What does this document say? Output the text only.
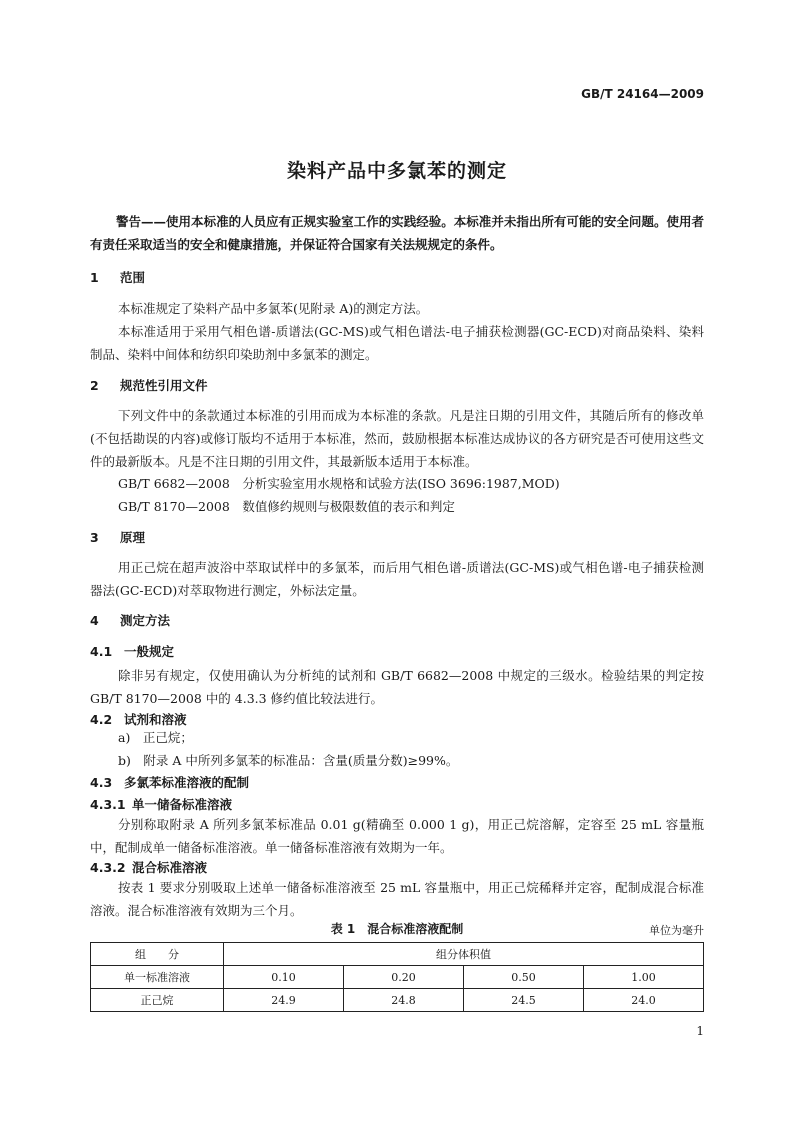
GB/T 24164—2009
染料产品中多氯苯的测定
警告——使用本标准的人员应有正规实验室工作的实践经验。本标准并未指出所有可能的安全问题。使用者有责任采取适当的安全和健康措施，并保证符合国家有关法规规定的条件。
1 范围
本标准规定了染料产品中多氯苯(见附录 A)的测定方法。
本标准适用于采用气相色谱-质谱法(GC-MS)或气相色谱法-电子捕获检测器(GC-ECD)对商品染料、染料制品、染料中间体和纺织印染助剂中多氯苯的测定。
2 规范性引用文件
下列文件中的条款通过本标准的引用而成为本标准的条款。凡是注日期的引用文件，其随后所有的修改单(不包括勘误的内容)或修订版均不适用于本标准，然而，鼓励根据本标准达成协议的各方研究是否可使用这些文件的最新版本。凡是不注日期的引用文件，其最新版本适用于本标准。
GB/T 6682—2008　分析实验室用水规格和试验方法(ISO 3696:1987,MOD)
GB/T 8170—2008　数值修约规则与极限数值的表示和判定
3 原理
用正己烷在超声波浴中萃取试样中的多氯苯，而后用气相色谱-质谱法(GC-MS)或气相色谱-电子捕获检测器法(GC-ECD)对萃取物进行测定，外标法定量。
4 测定方法
4.1 一般规定
除非另有规定，仅使用确认为分析纯的试剂和 GB/T 6682—2008 中规定的三级水。检验结果的判定按 GB/T 8170—2008 中的 4.3.3 修约值比较法进行。
4.2 试剂和溶液
a)　正己烷；
b)　附录 A 中所列多氯苯的标准品：含量(质量分数)≥99%。
4.3 多氯苯标准溶液的配制
4.3.1 单一储备标准溶液
分别称取附录 A 所列多氯苯标准品 0.01 g(精确至 0.000 1 g)，用正己烷溶解，定容至 25 mL 容量瓶中，配制成单一储备标准溶液。单一储备标准溶液有效期为一年。
4.3.2 混合标准溶液
按表 1 要求分别吸取上述单一储备标准溶液至 25 mL 容量瓶中，用正己烷稀释并定容，配制成混合标准溶液。混合标准溶液有效期为三个月。
表 1　混合标准溶液配制	单位为毫升
组　　分	组分体积值			
单一标准溶液	0.10	0.20	0.50	1.00
正己烷	24.9	24.8	24.5	24.0
1
